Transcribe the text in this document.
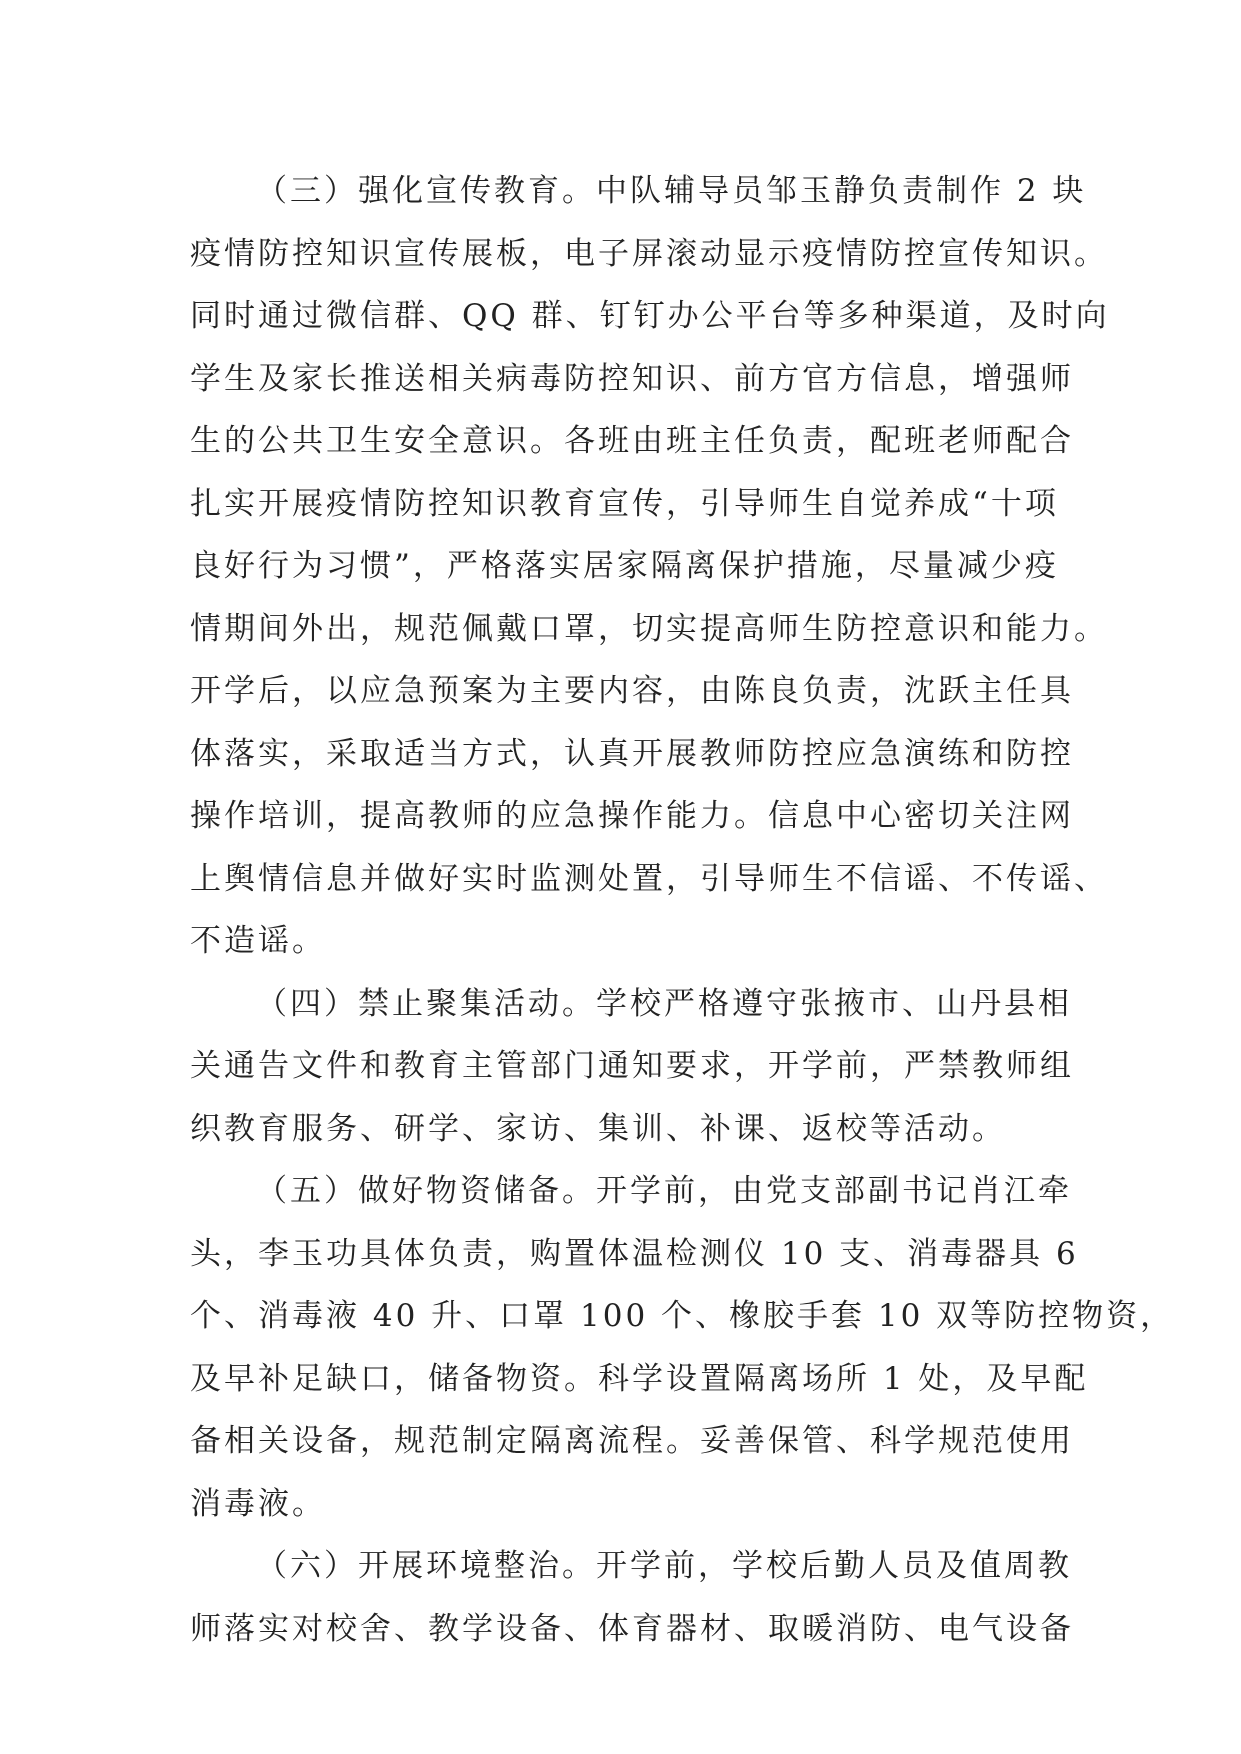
（三）强化宣传教育。中队辅导员邹玉静负责制作 2 块
疫情防控知识宣传展板，电子屏滚动显示疫情防控宣传知识。
同时通过微信群、QQ 群、钉钉办公平台等多种渠道，及时向
学生及家长推送相关病毒防控知识、前方官方信息，增强师
生的公共卫生安全意识。各班由班主任负责，配班老师配合
扎实开展疫情防控知识教育宣传，引导师生自觉养成“十项
良好行为习惯”，严格落实居家隔离保护措施，尽量减少疫
情期间外出，规范佩戴口罩，切实提高师生防控意识和能力。
开学后，以应急预案为主要内容，由陈良负责，沈跃主任具
体落实，采取适当方式，认真开展教师防控应急演练和防控
操作培训，提高教师的应急操作能力。信息中心密切关注网
上舆情信息并做好实时监测处置，引导师生不信谣、不传谣、
不造谣。
（四）禁止聚集活动。学校严格遵守张掖市、山丹县相
关通告文件和教育主管部门通知要求，开学前，严禁教师组
织教育服务、研学、家访、集训、补课、返校等活动。
（五）做好物资储备。开学前，由党支部副书记肖江牵
头，李玉功具体负责，购置体温检测仪 10 支、消毒器具 6
个、消毒液 40 升、口罩 100 个、橡胶手套 10 双等防控物资，
及早补足缺口，储备物资。科学设置隔离场所 1 处，及早配
备相关设备，规范制定隔离流程。妥善保管、科学规范使用
消毒液。
（六）开展环境整治。开学前，学校后勤人员及值周教
师落实对校舍、教学设备、体育器材、取暖消防、电气设备
